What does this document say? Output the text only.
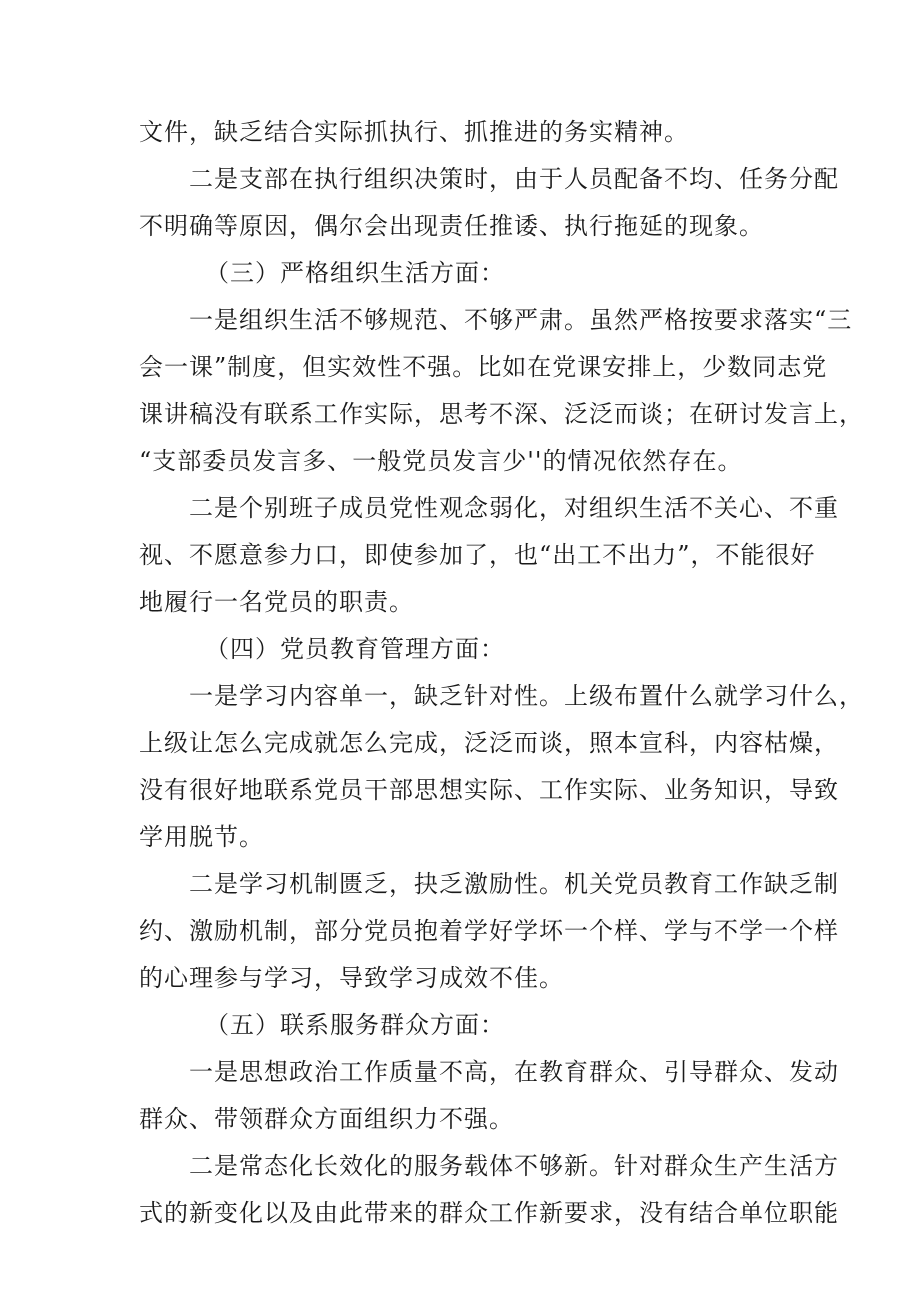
文件，缺乏结合实际抓执行、抓推进的务实精神。
二是支部在执行组织决策时，由于人员配备不均、任务分配
不明确等原因，偶尔会出现责任推诿、执行拖延的现象。
（三）严格组织生活方面：
一是组织生活不够规范、不够严肃。虽然严格按要求落实“三
会一课”制度，但实效性不强。比如在党课安排上，少数同志党
课讲稿没有联系工作实际，思考不深、泛泛而谈；在研讨发言上，
“支部委员发言多、一般党员发言少''的情况依然存在。
二是个别班子成员党性观念弱化，对组织生活不关心、不重
视、不愿意参力口，即使参加了，也“出工不出力”，不能很好
地履行一名党员的职责。
（四）党员教育管理方面：
一是学习内容单一，缺乏针对性。上级布置什么就学习什么，
上级让怎么完成就怎么完成，泛泛而谈，照本宣科，内容枯燥，
没有很好地联系党员干部思想实际、工作实际、业务知识，导致
学用脱节。
二是学习机制匮乏，抉乏激励性。机关党员教育工作缺乏制
约、激励机制，部分党员抱着学好学坏一个样、学与不学一个样
的心理参与学习，导致学习成效不佳。
（五）联系服务群众方面：
一是思想政治工作质量不高，在教育群众、引导群众、发动
群众、带领群众方面组织力不强。
二是常态化长效化的服务载体不够新。针对群众生产生活方
式的新变化以及由此带来的群众工作新要求，没有结合单位职能
